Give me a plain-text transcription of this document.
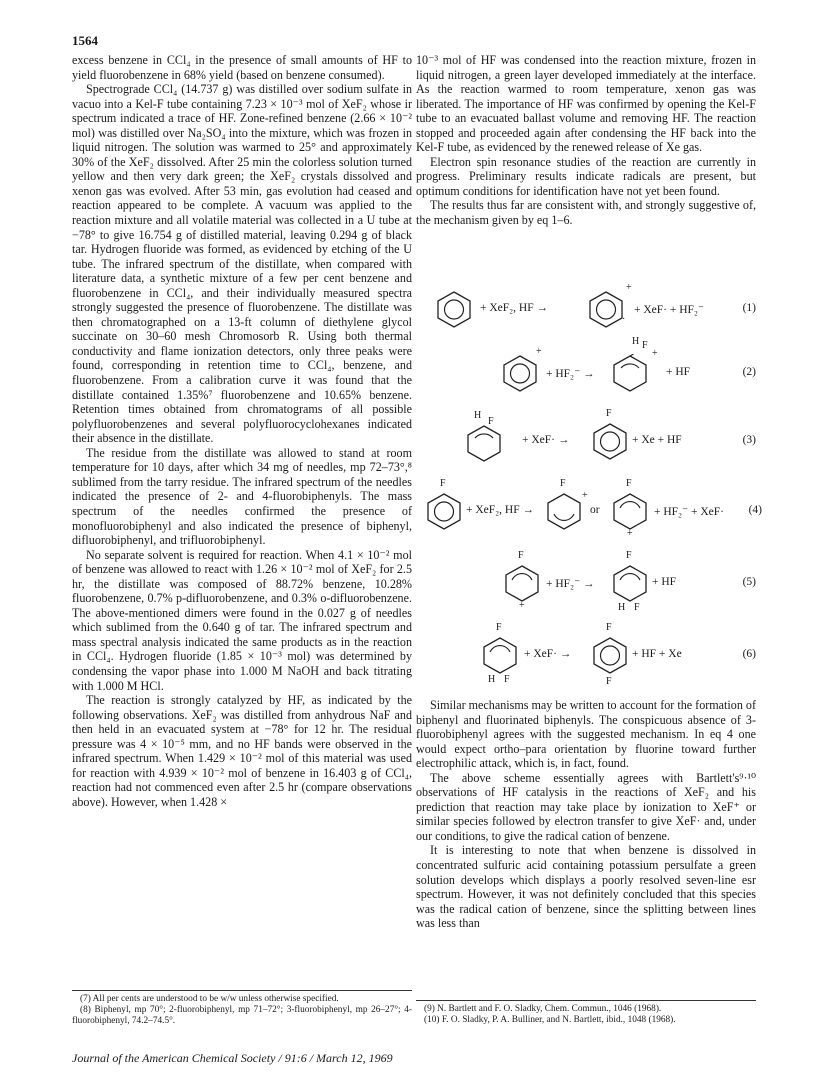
1564

excess benzene in CCl₄ in the presence of small amounts of HF to yield fluorobenzene in 68% yield (based on benzene consumed).

Spectrograde CCl₄ (14.737 g) was distilled over sodium sulfate in vacuo into a Kel-F tube containing 7.23 × 10⁻³ mol of XeF₂ whose ir spectrum indicated a trace of HF. Zone-refined benzene (2.66 × 10⁻² mol) was distilled over Na₂SO₄ into the mixture, which was frozen in liquid nitrogen. The solution was warmed to 25° and approximately 30% of the XeF₂ dissolved. After 25 min the colorless solution turned yellow and then very dark green; the XeF₂ crystals dissolved and xenon gas was evolved. After 53 min, gas evolution had ceased and reaction appeared to be complete. A vacuum was applied to the reaction mixture and all volatile material was collected in a U tube at −78° to give 16.754 g of distilled material, leaving 0.294 g of black tar. Hydrogen fluoride was formed, as evidenced by etching of the U tube. The infrared spectrum of the distillate, when compared with literature data, a synthetic mixture of a few per cent benzene and fluorobenzene in CCl₄, and their individually measured spectra strongly suggested the presence of fluorobenzene. The distillate was then chromatographed on a 13-ft column of diethylene glycol succinate on 30–60 mesh Chromosorb R. Using both thermal conductivity and flame ionization detectors, only three peaks were found, corresponding in retention time to CCl₄, benzene, and fluorobenzene. From a calibration curve it was found that the distillate contained 1.35%⁷ fluorobenzene and 10.65% benzene. Retention times obtained from chromatograms of all possible polyfluorobenzenes and several polyfluorocyclohexanes indicated their absence in the distillate.

The residue from the distillate was allowed to stand at room temperature for 10 days, after which 34 mg of needles, mp 72–73°,⁸ sublimed from the tarry residue. The infrared spectrum of the needles indicated the presence of 2- and 4-fluorobiphenyls. The mass spectrum of the needles confirmed the presence of monofluorobiphenyl and also indicated the presence of biphenyl, difluorobiphenyl, and trifluorobiphenyl.

No separate solvent is required for reaction. When 4.1 × 10⁻² mol of benzene was allowed to react with 1.26 × 10⁻² mol of XeF₂ for 2.5 hr, the distillate was composed of 88.72% benzene, 10.28% fluorobenzene, 0.7% p-difluorobenzene, and 0.3% o-difluorobenzene. The above-mentioned dimers were found in the 0.027 g of needles which sublimed from the 0.640 g of tar. The infrared spectrum and mass spectral analysis indicated the same products as in the reaction in CCl₄. Hydrogen fluoride (1.85 × 10⁻³ mol) was determined by condensing the vapor phase into 1.000 M NaOH and back titrating with 1.000 M HCl.

The reaction is strongly catalyzed by HF, as indicated by the following observations. XeF₂ was distilled from anhydrous NaF and then held in an evacuated system at −78° for 12 hr. The residual pressure was 4 × 10⁻⁵ mm, and no HF bands were observed in the infrared spectrum. When 1.429 × 10⁻² mol of this material was used for reaction with 4.939 × 10⁻² mol of benzene in 16.403 g of CCl₄, reaction had not commenced even after 2.5 hr (compare observations above). However, when 1.428 ×

10⁻³ mol of HF was condensed into the reaction mixture, frozen in liquid nitrogen, a green layer developed immediately at the interface. As the reaction warmed to room temperature, xenon gas was liberated. The importance of HF was confirmed by opening the Kel-F tube to an evacuated ballast volume and removing HF. The reaction stopped and proceeded again after condensing the HF back into the Kel-F tube, as evidenced by the renewed release of Xe gas.

Electron spin resonance studies of the reaction are currently in progress. Preliminary results indicate radicals are present, but optimum conditions for identification have not yet been found.

The results thus far are consistent with, and strongly suggestive of, the mechanism given by eq 1–6.

+ XeF₂, HF →
+
·
+ XeF· + HF₂⁻	(1)
+
+ HF₂⁻ →
H F
+
+ HF	(2)
H
F
+ XeF· →
F
+ Xe + HF	(3)
F
+ XeF₂, HF →
F
+
or
F
+
+ HF₂⁻ + XeF· (4)
F
+
+ HF₂⁻ →
F
H F
+ HF	(5)
F
H F
+ XeF· →
F
F
+ HF + Xe	(6)

Similar mechanisms may be written to account for the formation of biphenyl and fluorinated biphenyls. The conspicuous absence of 3-fluorobiphenyl agrees with the suggested mechanism. In eq 4 one would expect ortho–para orientation by fluorine toward further electrophilic attack, which is, in fact, found.

The above scheme essentially agrees with Bartlett's⁹·¹⁰ observations of HF catalysis in the reactions of XeF₂ and his prediction that reaction may take place by ionization to XeF⁺ or similar species followed by electron transfer to give XeF· and, under our conditions, to give the radical cation of benzene.

It is interesting to note that when benzene is dissolved in concentrated sulfuric acid containing potassium persulfate a green solution develops which displays a poorly resolved seven-line esr spectrum. However, it was not definitely concluded that this species was the radical cation of benzene, since the splitting between lines was less than

(7) All per cents are understood to be w/w unless otherwise specified.

(8) Biphenyl, mp 70°; 2-fluorobiphenyl, mp 71–72°; 3-fluorobiphenyl, mp 26–27°; 4-fluorobiphenyl, 74.2–74.5°.

(9) N. Bartlett and F. O. Sladky, Chem. Commun., 1046 (1968).

(10) F. O. Sladky, P. A. Bulliner, and N. Bartlett, ibid., 1048 (1968).

Journal of the American Chemical Society / 91:6 / March 12, 1969
